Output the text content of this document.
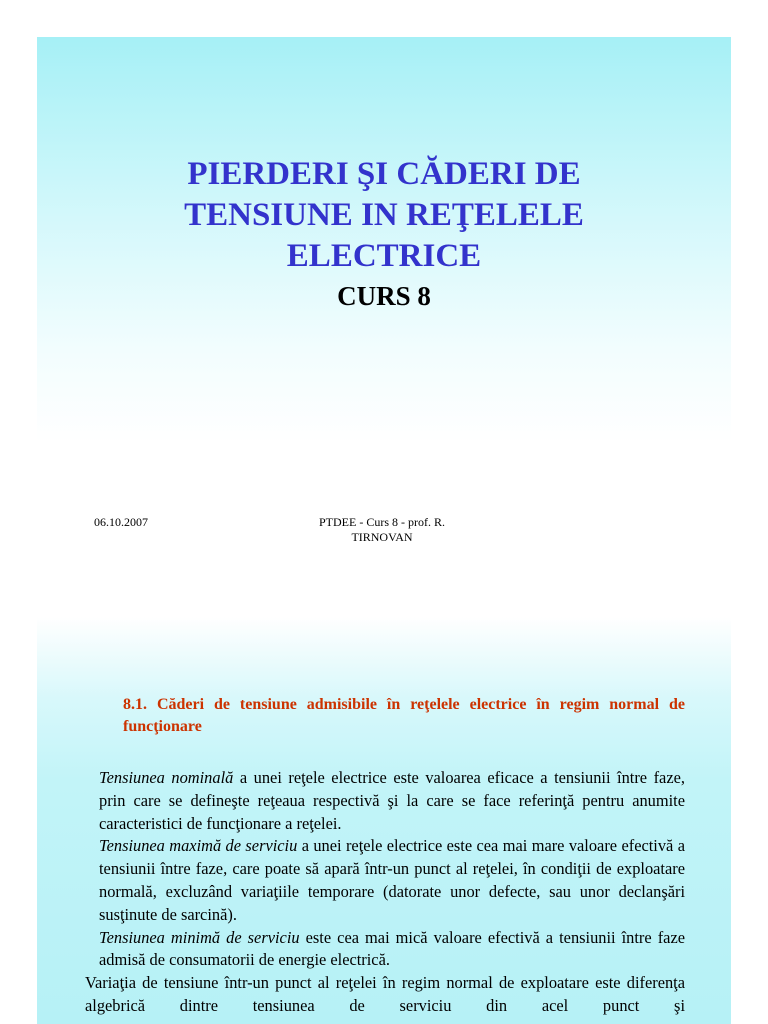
PIERDERI ŞI CĂDERI DE
TENSIUNE IN REŢELELE
ELECTRICE
CURS 8
06.10.2007	PTDEE - Curs 8 - prof. R.
TIRNOVAN
8.1. Căderi de tensiune admisibile în reţelele electrice în regim normal de funcţionare

Tensiunea nominală a unei reţele electrice este valoarea eficace a tensiunii între faze, prin care se defineşte reţeaua respectivă şi la care se face referinţă pentru anumite caracteristici de funcţionare a reţelei.

Tensiunea maximă de serviciu a unei reţele electrice este cea mai mare valoare efectivă a tensiunii între faze, care poate să apară într-un punct al reţelei, în condiţii de exploatare normală, excluzând variaţiile temporare (datorate unor defecte, sau unor declanşări susţinute de sarcină).

Tensiunea minimă de serviciu este cea mai mică valoare efectivă a tensiunii între faze admisă de consumatorii de energie electrică.

Variaţia de tensiune într-un punct al reţelei în regim normal de exploatare este diferenţa algebrică dintre tensiunea de serviciu din acel punct şi
